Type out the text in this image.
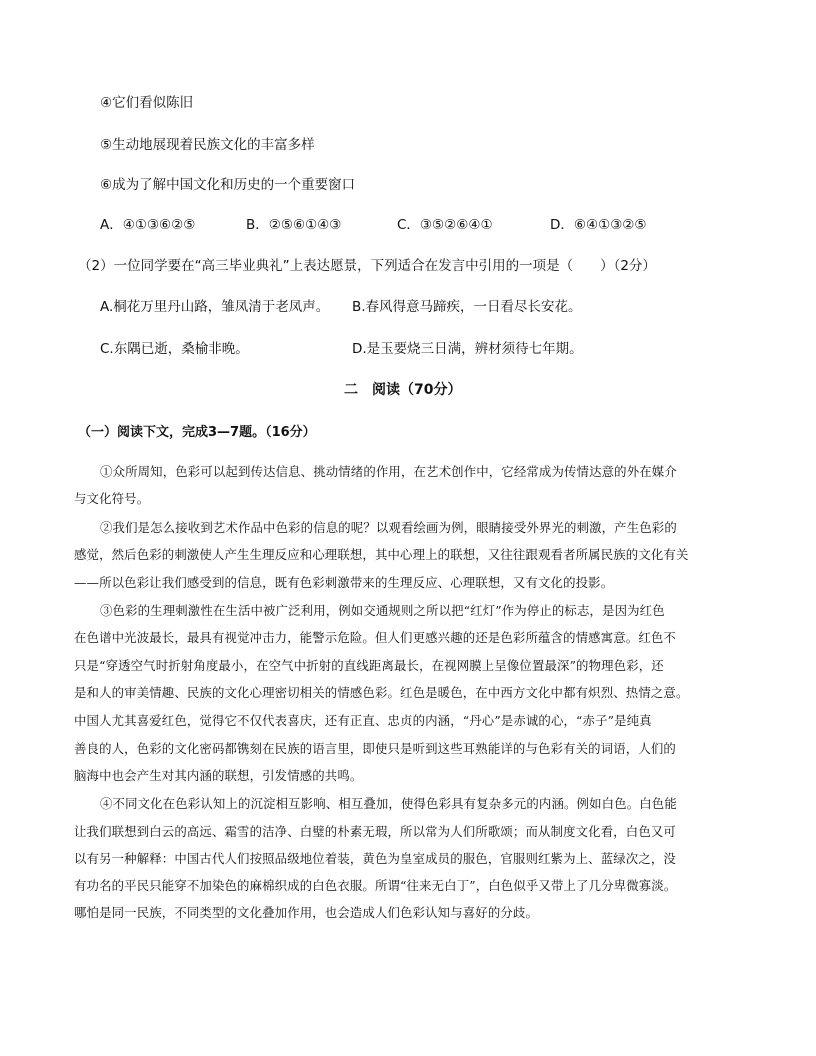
④它们看似陈旧
⑤生动地展现着民族文化的丰富多样
⑥成为了解中国文化和历史的一个重要窗口
A．④①③⑥②⑤	B．②⑤⑥①④③	C．③⑤②⑥④①	D．⑥④①③②⑤
（2）一位同学要在“高三毕业典礼”上表达愿景，下列适合在发言中引用的一项是（　　）（2分）
A.桐花万里丹山路，雏凤清于老凤声。 B.春风得意马蹄疾，一日看尽长安花。
C.东隅已逝，桑榆非晚。	D.是玉要烧三日满，辨材须待七年期。
二　阅读（70分）
（一）阅读下文，完成3—7题。（16分）
①众所周知，色彩可以起到传达信息、挑动情绪的作用，在艺术创作中，它经常成为传情达意的外在媒介
与文化符号。
②我们是怎么接收到艺术作品中色彩的信息的呢？以观看绘画为例，眼睛接受外界光的刺激，产生色彩的
感觉，然后色彩的刺激使人产生生理反应和心理联想，其中心理上的联想，又往往跟观看者所属民族的文化有关
——所以色彩让我们感受到的信息，既有色彩刺激带来的生理反应、心理联想，又有文化的投影。
③色彩的生理刺激性在生活中被广泛利用，例如交通规则之所以把“红灯”作为停止的标志，是因为红色
在色谱中光波最长，最具有视觉冲击力，能警示危险。但人们更感兴趣的还是色彩所蕴含的情感寓意。红色不
只是“穿透空气时折射角度最小，在空气中折射的直线距离最长，在视网膜上呈像位置最深”的物理色彩，还
是和人的审美情趣、民族的文化心理密切相关的情感色彩。红色是暖色，在中西方文化中都有炽烈、热情之意。
中国人尤其喜爱红色，觉得它不仅代表喜庆，还有正直、忠贞的内涵，“丹心”是赤诚的心，“赤子”是纯真
善良的人，色彩的文化密码都镌刻在民族的语言里，即使只是听到这些耳熟能详的与色彩有关的词语，人们的
脑海中也会产生对其内涵的联想，引发情感的共鸣。
④不同文化在色彩认知上的沉淀相互影响、相互叠加，使得色彩具有复杂多元的内涵。例如白色。白色能
让我们联想到白云的高远、霜雪的洁净、白璧的朴素无瑕，所以常为人们所歌颂；而从制度文化看，白色又可
以有另一种解释：中国古代人们按照品级地位着装，黄色为皇室成员的服色，官服则红紫为上、蓝绿次之，没
有功名的平民只能穿不加染色的麻棉织成的白色衣服。所谓“往来无白丁”，白色似乎又带上了几分卑微寡淡。
哪怕是同一民族，不同类型的文化叠加作用，也会造成人们色彩认知与喜好的分歧。
